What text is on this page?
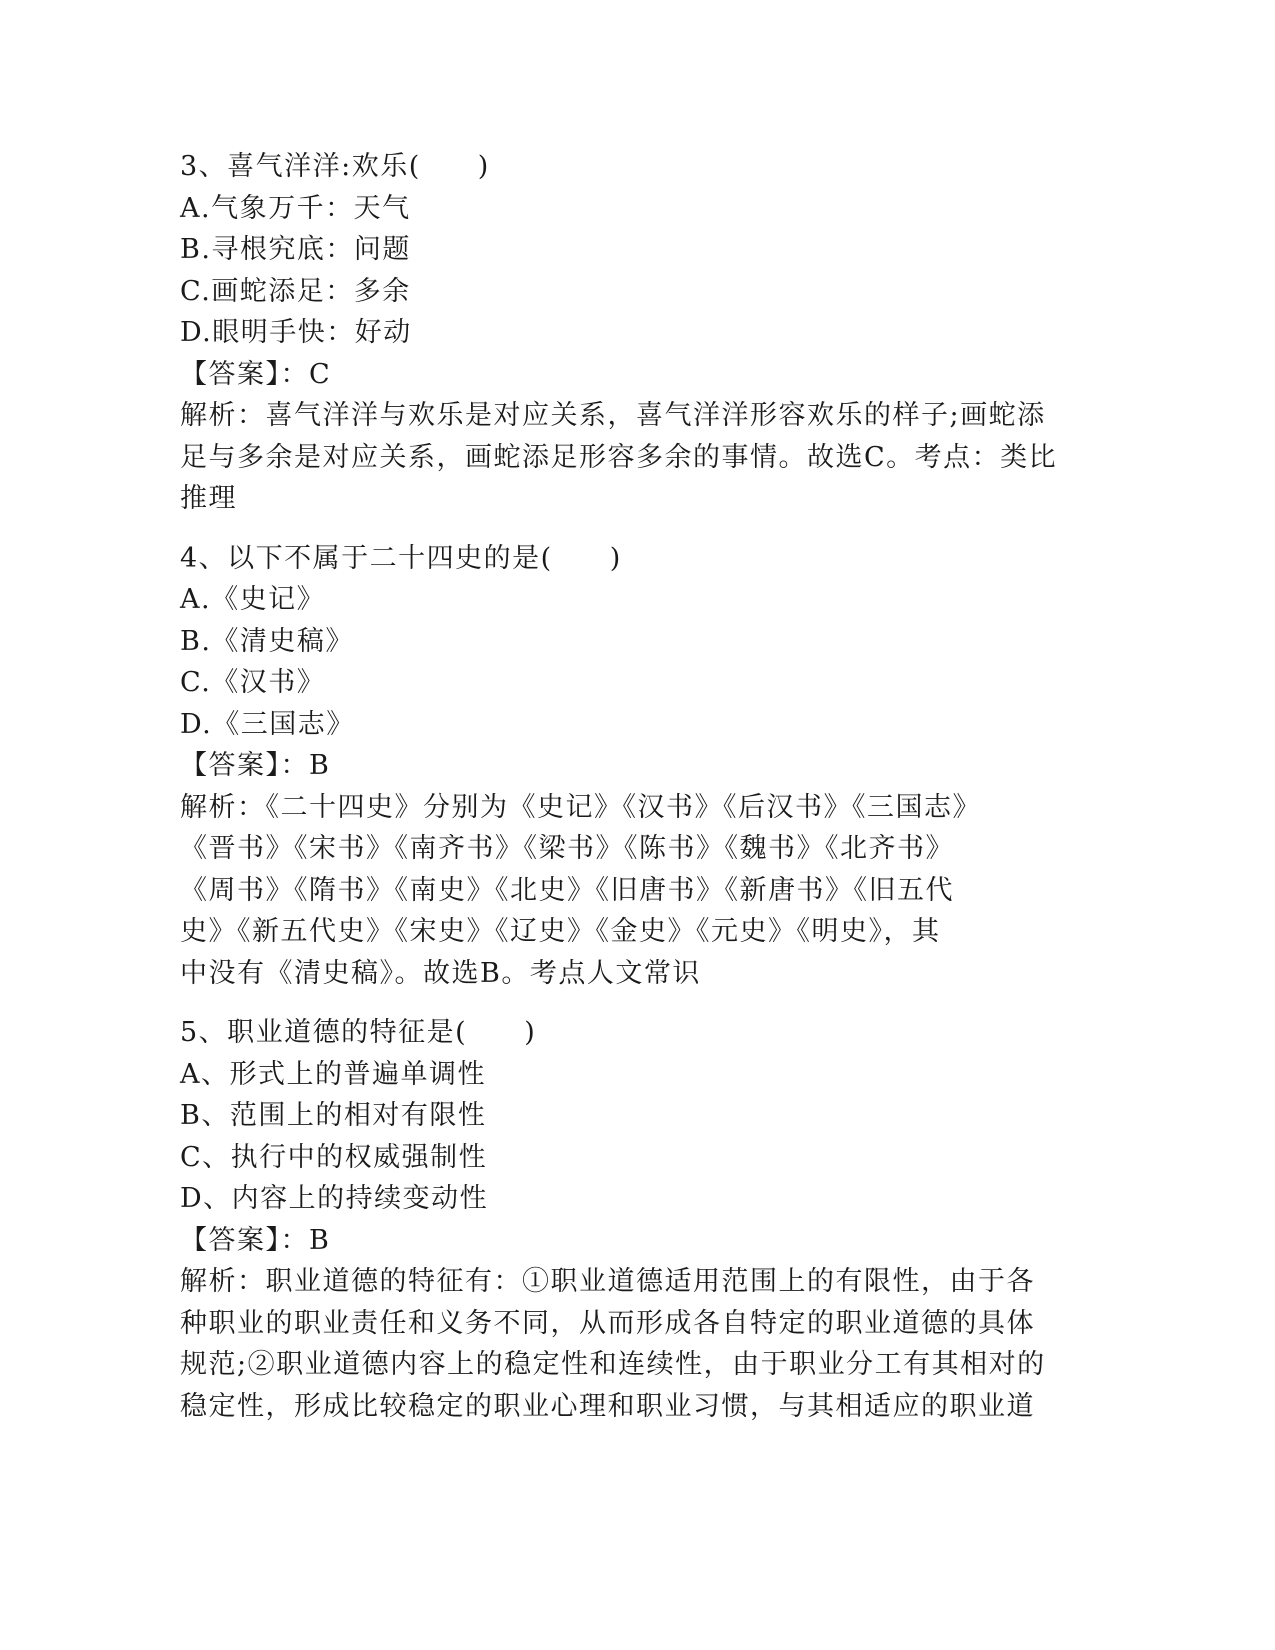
3、喜气洋洋:欢乐(　　)
A.气象万千：天气
B.寻根究底：问题
C.画蛇添足：多余
D.眼明手快：好动
【答案】：C
解析：喜气洋洋与欢乐是对应关系，喜气洋洋形容欢乐的样子;画蛇添
足与多余是对应关系，画蛇添足形容多余的事情。故选C。考点：类比
推理
4、以下不属于二十四史的是(　　)
A.《史记》
B.《清史稿》
C.《汉书》
D.《三国志》
【答案】：B
解析：《二十四史》分别为《史记》《汉书》《后汉书》《三国志》
《晋书》《宋书》《南齐书》《梁书》《陈书》《魏书》《北齐书》
《周书》《隋书》《南史》《北史》《旧唐书》《新唐书》《旧五代
史》《新五代史》《宋史》《辽史》《金史》《元史》《明史》，其
中没有《清史稿》。故选B。考点人文常识
5、职业道德的特征是(　　)
A、形式上的普遍单调性
B、范围上的相对有限性
C、执行中的权威强制性
D、内容上的持续变动性
【答案】：B
解析：职业道德的特征有：①职业道德适用范围上的有限性，由于各
种职业的职业责任和义务不同，从而形成各自特定的职业道德的具体
规范;②职业道德内容上的稳定性和连续性，由于职业分工有其相对的
稳定性，形成比较稳定的职业心理和职业习惯，与其相适应的职业道
